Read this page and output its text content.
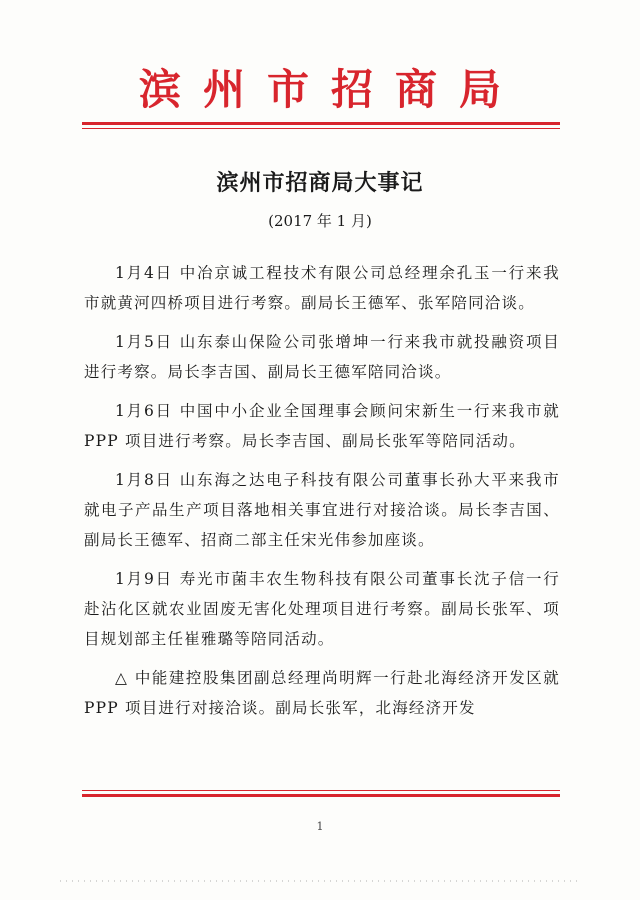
滨州市招商局
滨州市招商局大事记
(2017 年 1 月)

1月4日 中冶京诚工程技术有限公司总经理余孔玉一行来我市就黄河四桥项目进行考察。副局长王德军、张军陪同洽谈。

1月5日 山东泰山保险公司张增坤一行来我市就投融资项目进行考察。局长李吉国、副局长王德军陪同洽谈。

1月6日 中国中小企业全国理事会顾问宋新生一行来我市就 PPP 项目进行考察。局长李吉国、副局长张军等陪同活动。

1月8日 山东海之达电子科技有限公司董事长孙大平来我市就电子产品生产项目落地相关事宜进行对接洽谈。局长李吉国、副局长王德军、招商二部主任宋光伟参加座谈。

1月9日 寿光市菌丰农生物科技有限公司董事长沈子信一行赴沾化区就农业固废无害化处理项目进行考察。副局长张军、项目规划部主任崔雅璐等陪同活动。

△ 中能建控股集团副总经理尚明辉一行赴北海经济开发区就 PPP 项目进行对接洽谈。副局长张军，北海经济开发

1
